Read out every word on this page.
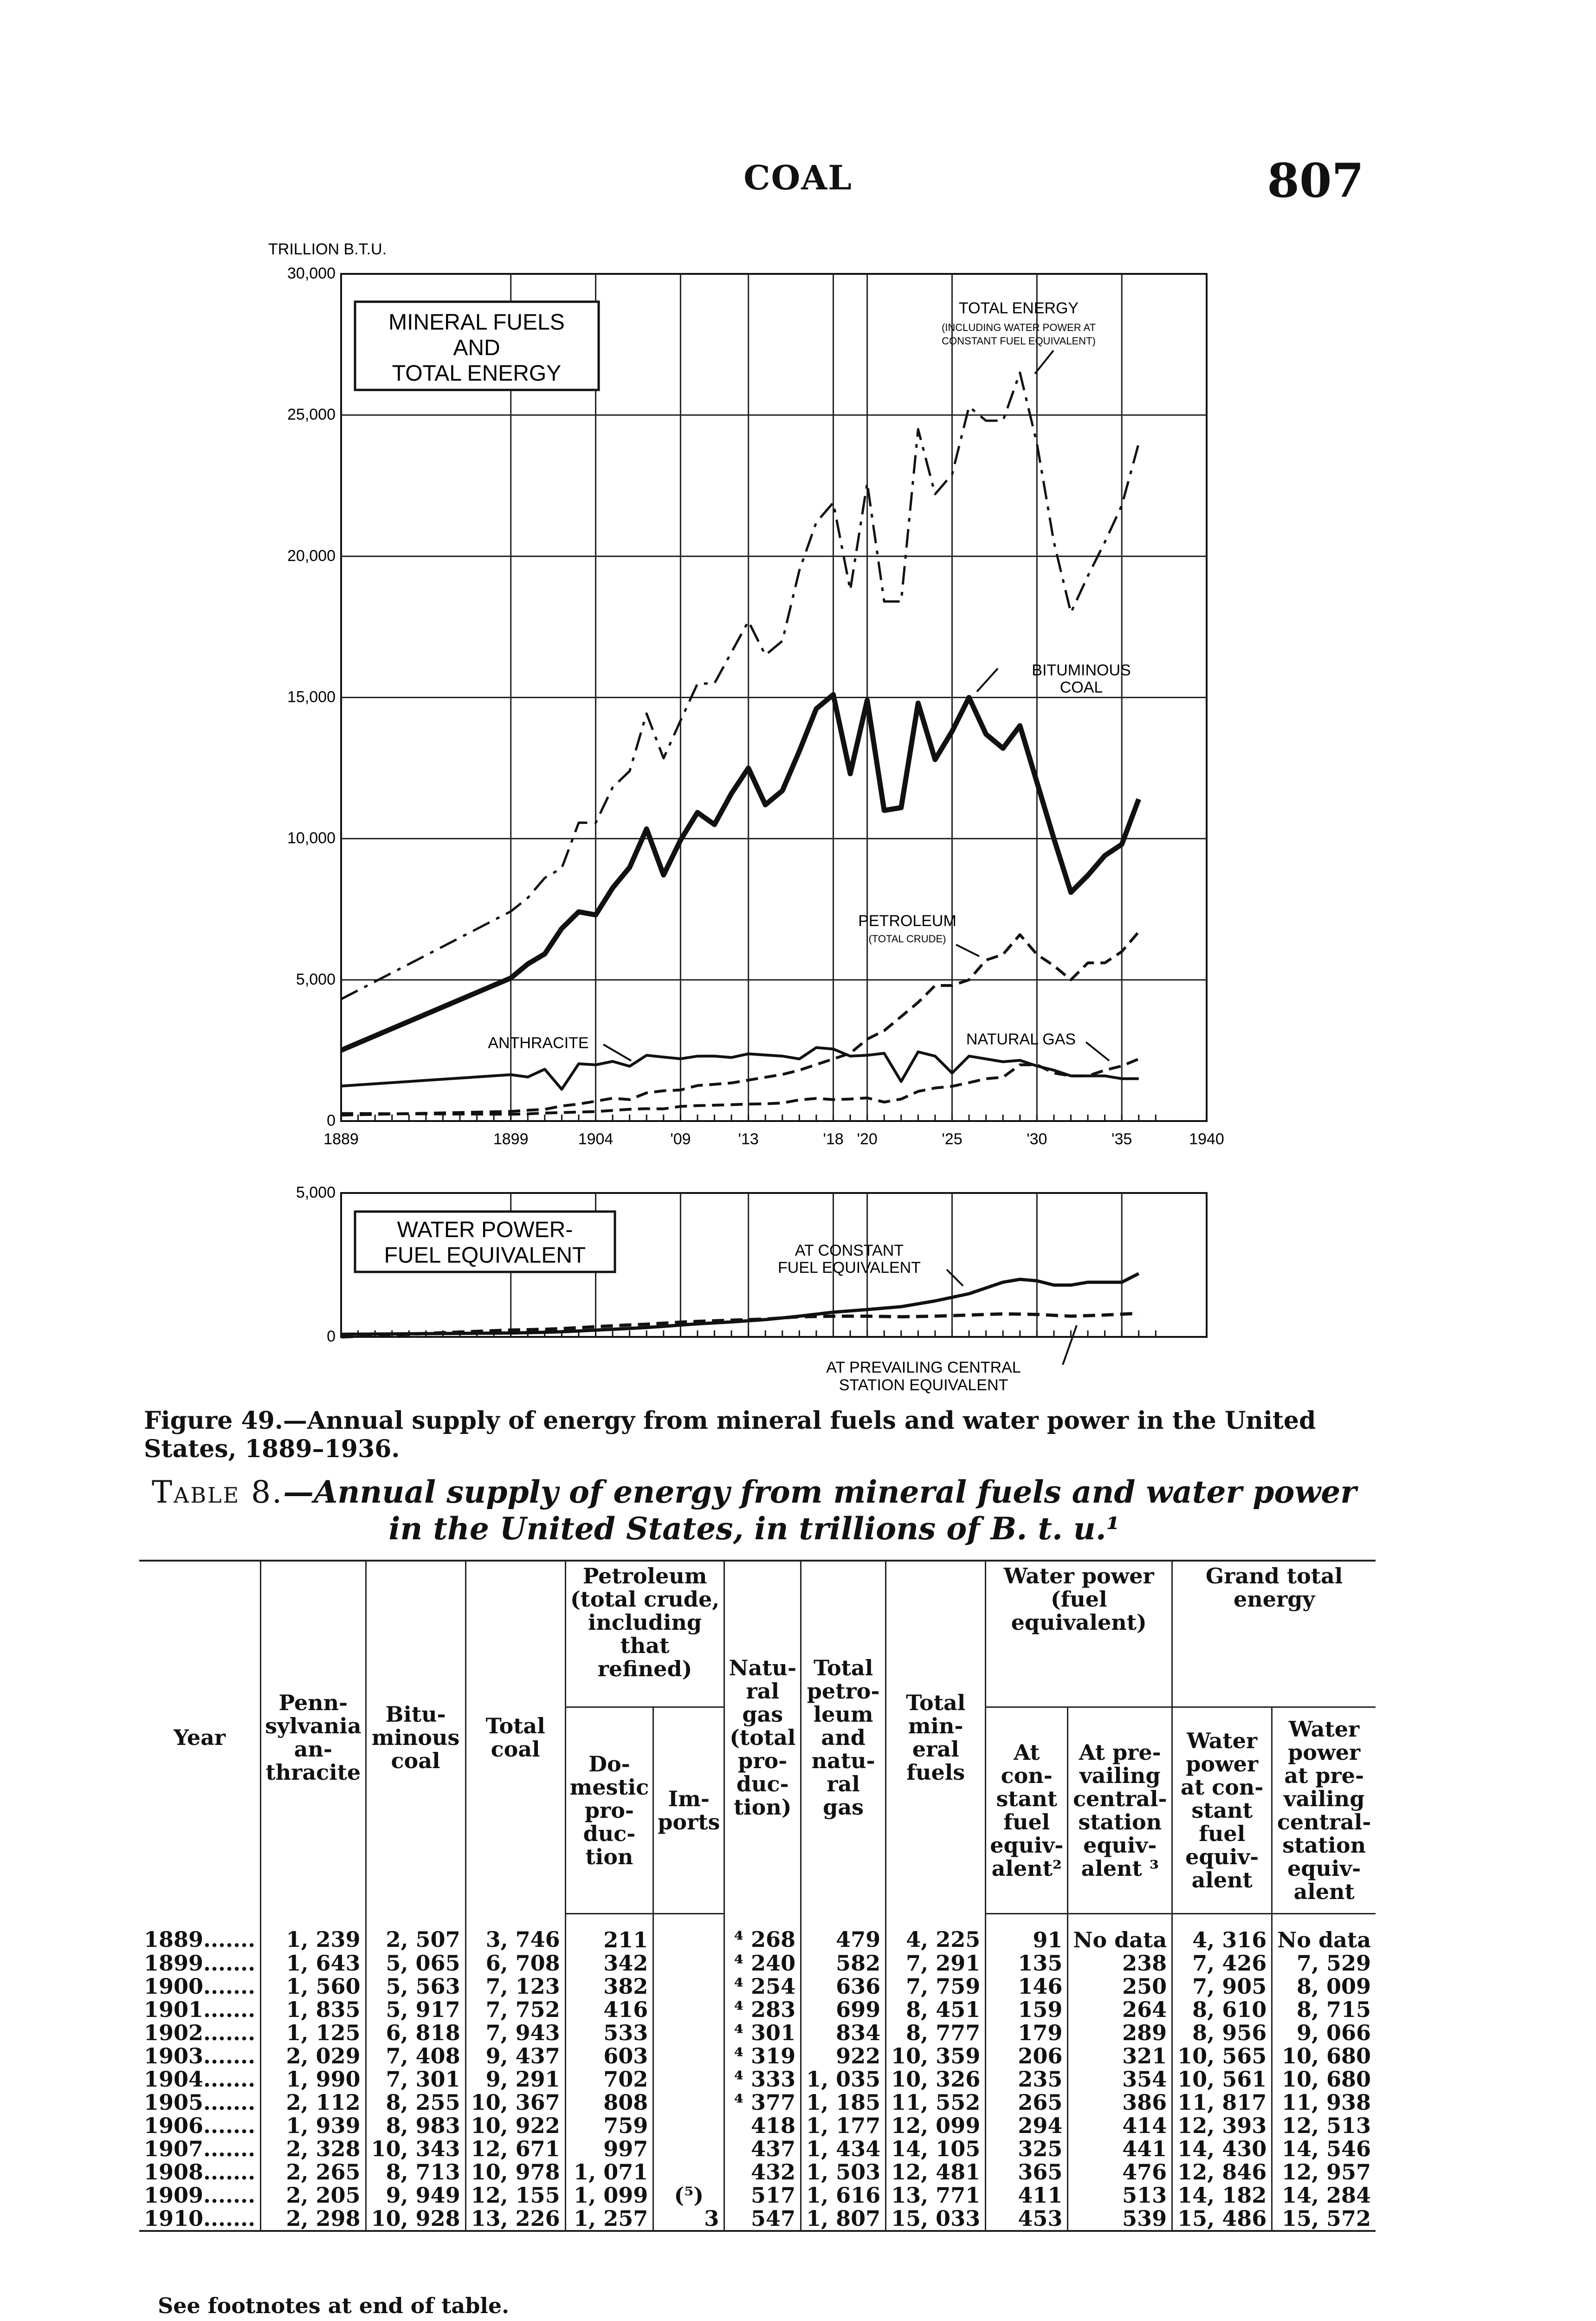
COAL	807
0
5,000
10,000
15,000
20,000
25,000
30,000
1889	1899	1904	'09	'13	'18 '20	'25	'30	'35	1940
TRILLION B.T.U.
MINERAL FUELS
AND
TOTAL ENERGY
TOTAL ENERGY
(INCLUDING WATER POWER AT
CONSTANT FUEL EQUIVALENT)
BITUMINOUS
COAL
PETROLEUM
(TOTAL CRUDE)
ANTHRACITE	NATURAL GAS
0
5,000
WATER POWER-
FUEL EQUIVALENT	AT CONSTANT
FUEL EQUIVALENT
AT PREVAILING CENTRAL
STATION EQUIVALENT
Figure 49.—Annual supply of energy from mineral fuels and water power in the United States, 1889–1936.
Table 8.—Annual supply of energy from mineral fuels and water power in the United States, in trillions of B. t. u.¹
Year	Penn-sylvania an-thracite	Bitu-minous coal	Total coal	Petroleum (total crude, including that refined)		Natu-ral gas (total pro-duc-tion)	Total petro-leum and natu-ral gas	Total min-eral fuels	Water power (fuel equivalent)		Grand total energy	
				Do-mestic pro-duc-tion	Im-ports				At con-stant fuel equiv-alent²	At pre-vailing central-station equiv-alent ³	Water power at con-stant fuel equiv-alent	Water power at pre-vailing central-station equiv-alent
1889.......	1, 239	2, 507	3, 746	211		⁴ 268	479	4, 225	91	No data	4, 316	No data
1899.......	1, 643	5, 065	6, 708	342		⁴ 240	582	7, 291	135	238	7, 426	7, 529
1900.......	1, 560	5, 563	7, 123	382		⁴ 254	636	7, 759	146	250	7, 905	8, 009
1901.......	1, 835	5, 917	7, 752	416		⁴ 283	699	8, 451	159	264	8, 610	8, 715
1902.......	1, 125	6, 818	7, 943	533		⁴ 301	834	8, 777	179	289	8, 956	9, 066
1903.......	2, 029	7, 408	9, 437	603		⁴ 319	922	10, 359	206	321	10, 565	10, 680
1904.......	1, 990	7, 301	9, 291	702		⁴ 333	1, 035	10, 326	235	354	10, 561	10, 680
1905.......	2, 112	8, 255	10, 367	808		⁴ 377	1, 185	11, 552	265	386	11, 817	11, 938
1906.......	1, 939	8, 983	10, 922	759		418	1, 177	12, 099	294	414	12, 393	12, 513
1907.......	2, 328	10, 343	12, 671	997		437	1, 434	14, 105	325	441	14, 430	14, 546
1908.......	2, 265	8, 713	10, 978	1, 071		432	1, 503	12, 481	365	476	12, 846	12, 957
1909.......	2, 205	9, 949	12, 155	1, 099	(⁵)	517	1, 616	13, 771	411	513	14, 182	14, 284
1910.......	2, 298	10, 928	13, 226	1, 257	3	547	1, 807	15, 033	453	539	15, 486	15, 572
See footnotes at end of table.
